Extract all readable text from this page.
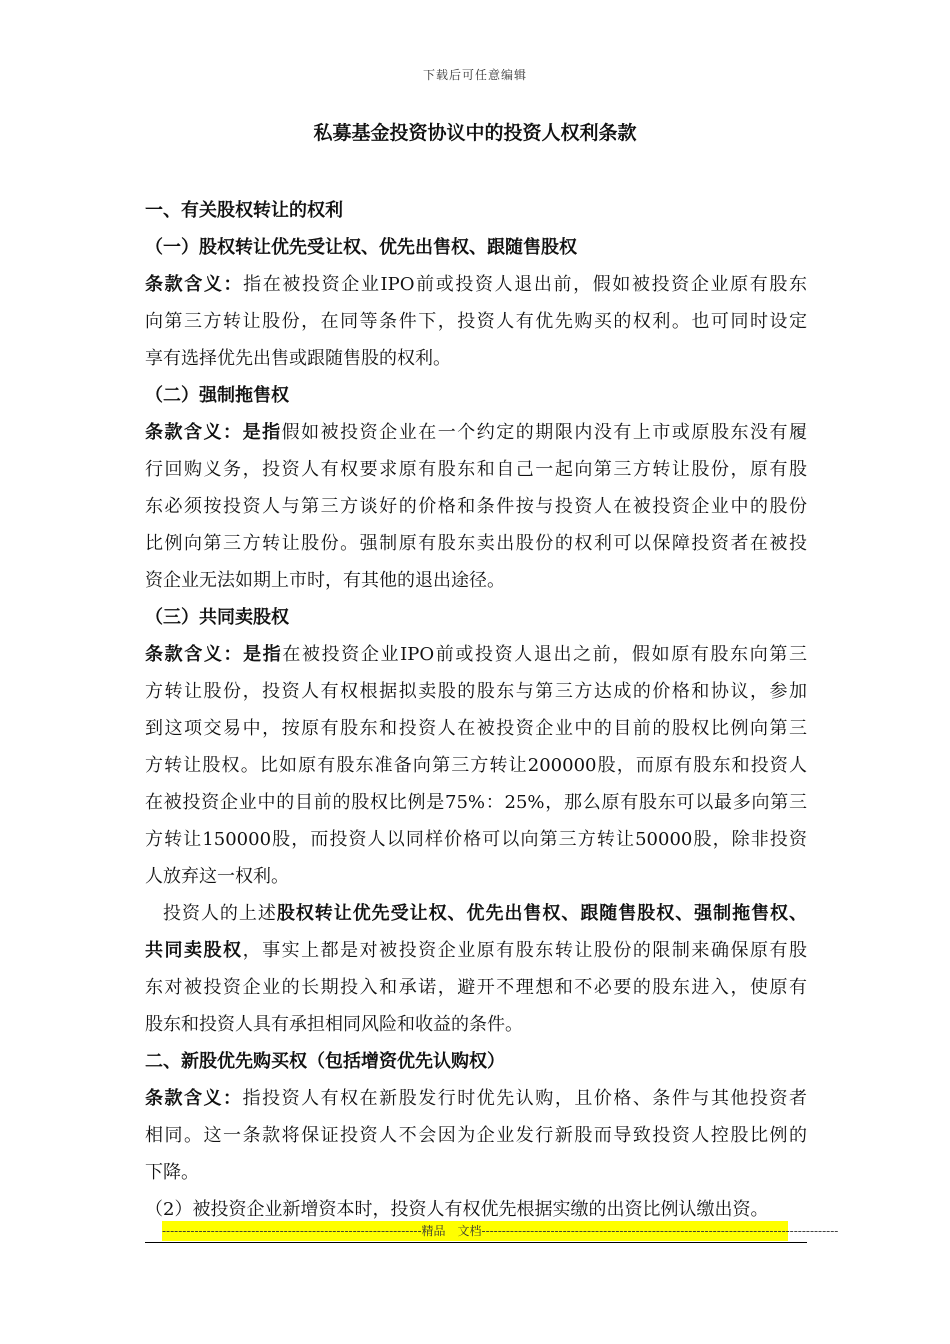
下载后可任意编辑
私募基金投资协议中的投资人权利条款
一、有关股权转让的权利
（一）股权转让优先受让权、优先出售权、跟随售股权
条款含义：指在被投资企业IPO前或投资人退出前，假如被投资企业原有股东
向第三方转让股份，在同等条件下，投资人有优先购买的权利。也可同时设定
享有选择优先出售或跟随售股的权利。
（二）强制拖售权
条款含义：是指假如被投资企业在一个约定的期限内没有上市或原股东没有履
行回购义务，投资人有权要求原有股东和自己一起向第三方转让股份，原有股
东必须按投资人与第三方谈好的价格和条件按与投资人在被投资企业中的股份
比例向第三方转让股份。强制原有股东卖出股份的权利可以保障投资者在被投
资企业无法如期上市时，有其他的退出途径。
（三）共同卖股权
条款含义：是指在被投资企业IPO前或投资人退出之前，假如原有股东向第三
方转让股份，投资人有权根据拟卖股的股东与第三方达成的价格和协议，参加
到这项交易中，按原有股东和投资人在被投资企业中的目前的股权比例向第三
方转让股权。比如原有股东准备向第三方转让200000股，而原有股东和投资人
在被投资企业中的目前的股权比例是75%：25%，那么原有股东可以最多向第三
方转让150000股，而投资人以同样价格可以向第三方转让50000股，除非投资
人放弃这一权利。
投资人的上述股权转让优先受让权、优先出售权、跟随售股权、强制拖售权、
共同卖股权，事实上都是对被投资企业原有股东转让股份的限制来确保原有股
东对被投资企业的长期投入和承诺，避开不理想和不必要的股东进入，使原有
股东和投资人具有承担相同风险和收益的条件。
二、新股优先购买权（包括增资优先认购权）
条款含义：指投资人有权在新股发行时优先认购，且价格、条件与其他投资者
相同。这一条款将保证投资人不会因为企业发行新股而导致投资人控股比例的
下降。
（2）被投资企业新增资本时，投资人有权优先根据实缴的出资比例认缴出资。
----------------------------------------------------------------精品　文档----------------------------------------------------------------------------------------
